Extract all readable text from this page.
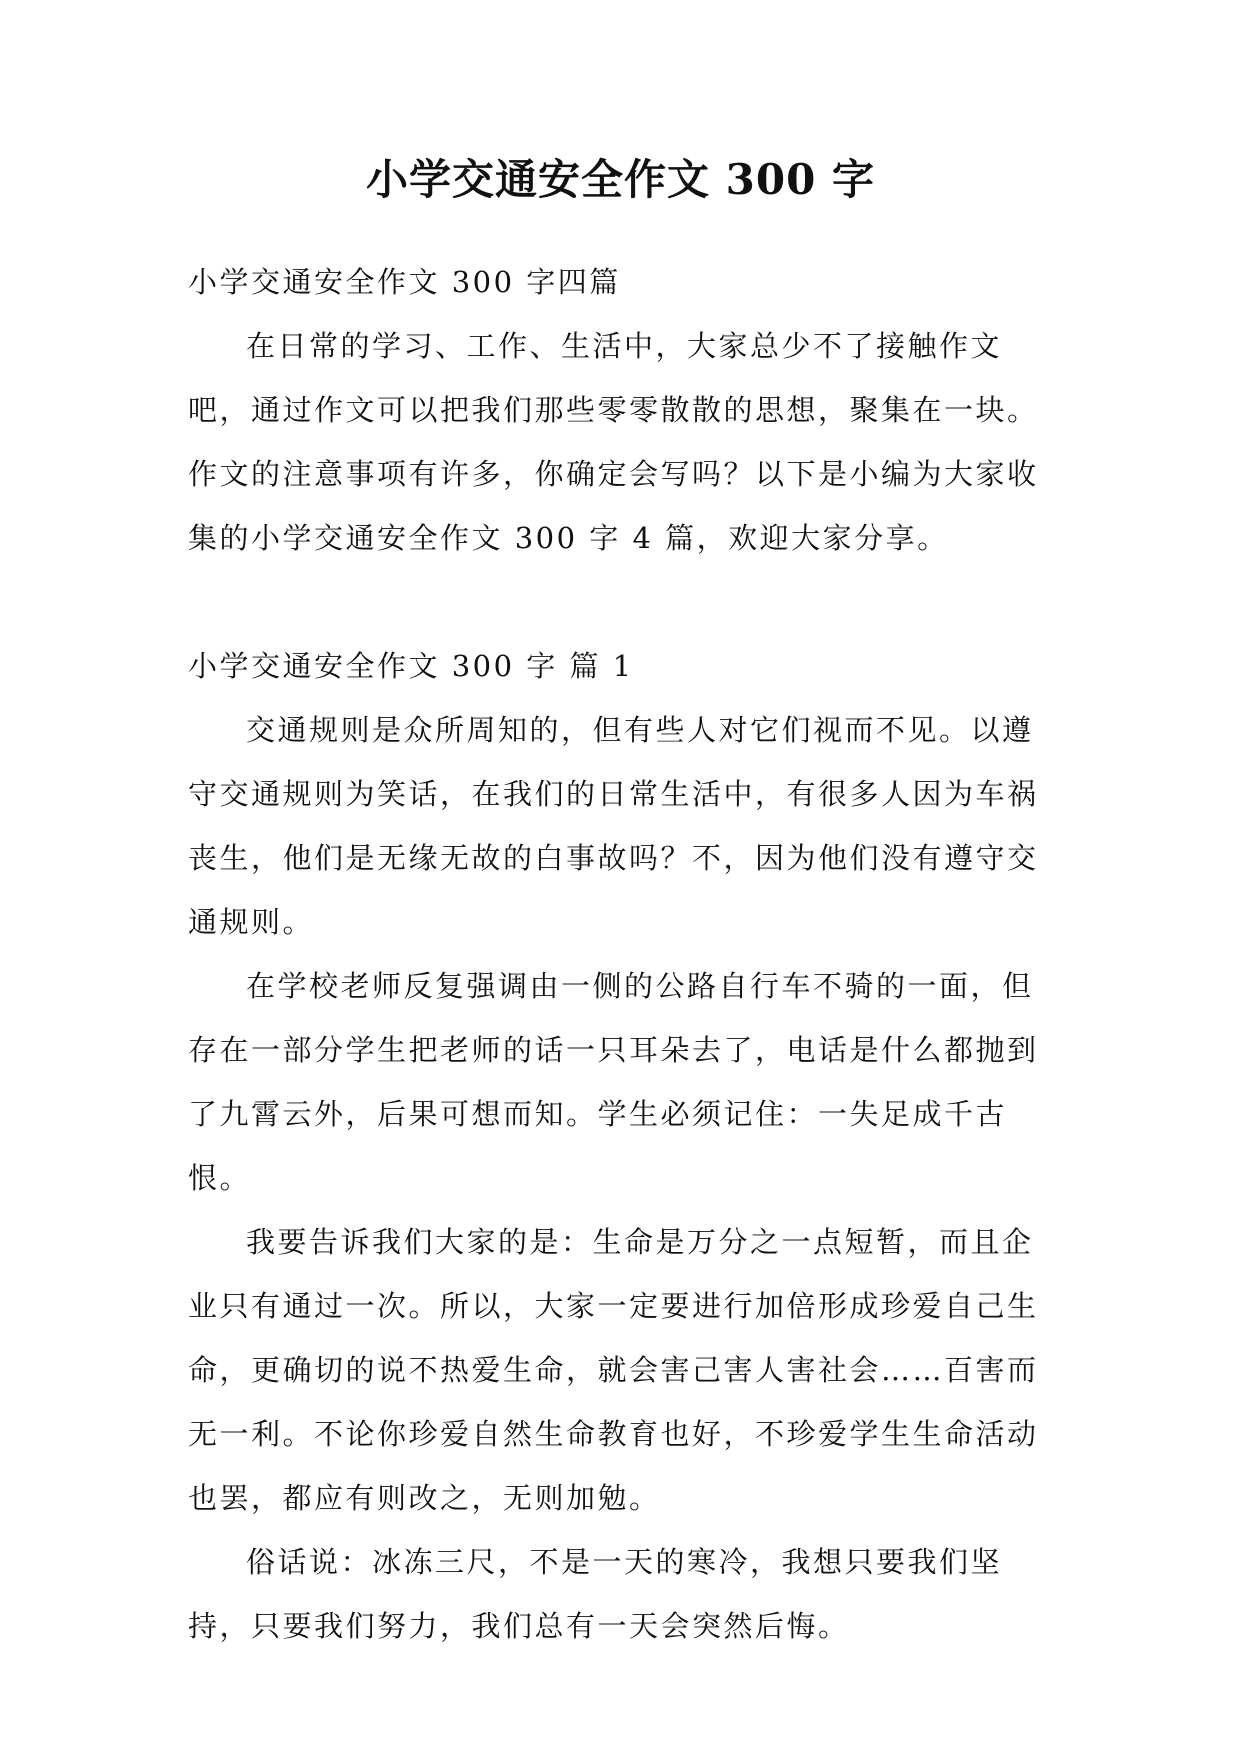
小学交通安全作文 300 字

小学交通安全作文 300 字四篇

在日常的学习、工作、生活中，大家总少不了接触作文吧，通过作文可以把我们那些零零散散的思想，聚集在一块。作文的注意事项有许多，你确定会写吗？以下是小编为大家收集的小学交通安全作文 300 字 4 篇，欢迎大家分享。

小学交通安全作文 300 字 篇 1

交通规则是众所周知的，但有些人对它们视而不见。以遵守交通规则为笑话，在我们的日常生活中，有很多人因为车祸丧生，他们是无缘无故的白事故吗？不，因为他们没有遵守交通规则。

在学校老师反复强调由一侧的公路自行车不骑的一面，但存在一部分学生把老师的话一只耳朵去了，电话是什么都抛到了九霄云外，后果可想而知。学生必须记住：一失足成千古恨。

我要告诉我们大家的是：生命是万分之一点短暂，而且企业只有通过一次。所以，大家一定要进行加倍形成珍爱自己生命，更确切的说不热爱生命，就会害己害人害社会……百害而无一利。不论你珍爱自然生命教育也好，不珍爱学生生命活动也罢，都应有则改之，无则加勉。

俗话说：冰冻三尺，不是一天的寒冷，我想只要我们坚持，只要我们努力，我们总有一天会突然后悔。
